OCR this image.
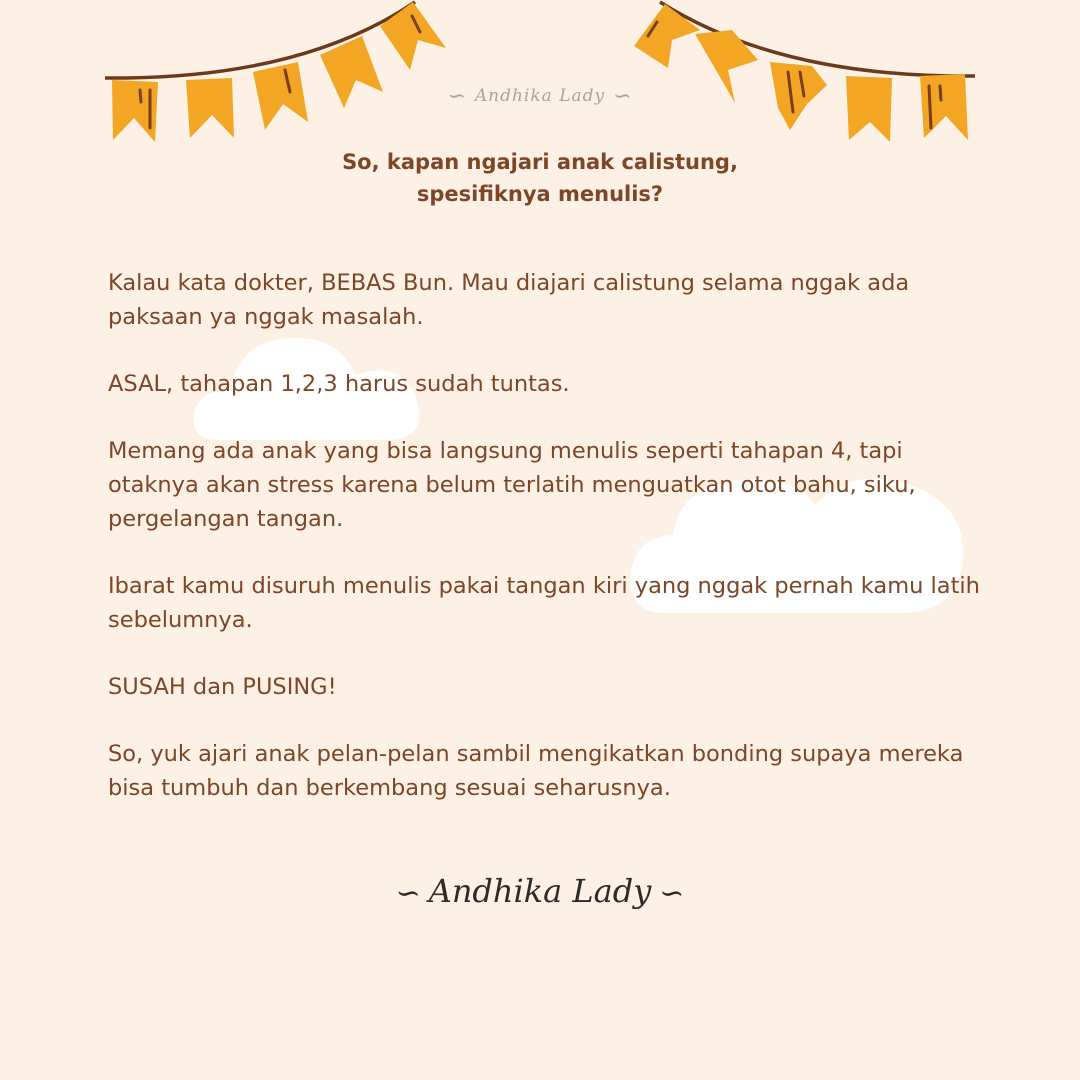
∽ Andhika Lady ∽
So, kapan ngajari anak calistung,
spesifiknya menulis?

Kalau kata dokter, BEBAS Bun. Mau diajari calistung selama nggak ada paksaan ya nggak masalah.

ASAL, tahapan 1,2,3 harus sudah tuntas.

Memang ada anak yang bisa langsung menulis seperti tahapan 4, tapi otaknya akan stress karena belum terlatih menguatkan otot bahu, siku, pergelangan tangan.

Ibarat kamu disuruh menulis pakai tangan kiri yang nggak pernah kamu latih sebelumnya.

SUSAH dan PUSING!

So, yuk ajari anak pelan-pelan sambil mengikatkan bonding supaya mereka bisa tumbuh dan berkembang sesuai seharusnya.

∽ Andhika Lady ∽
